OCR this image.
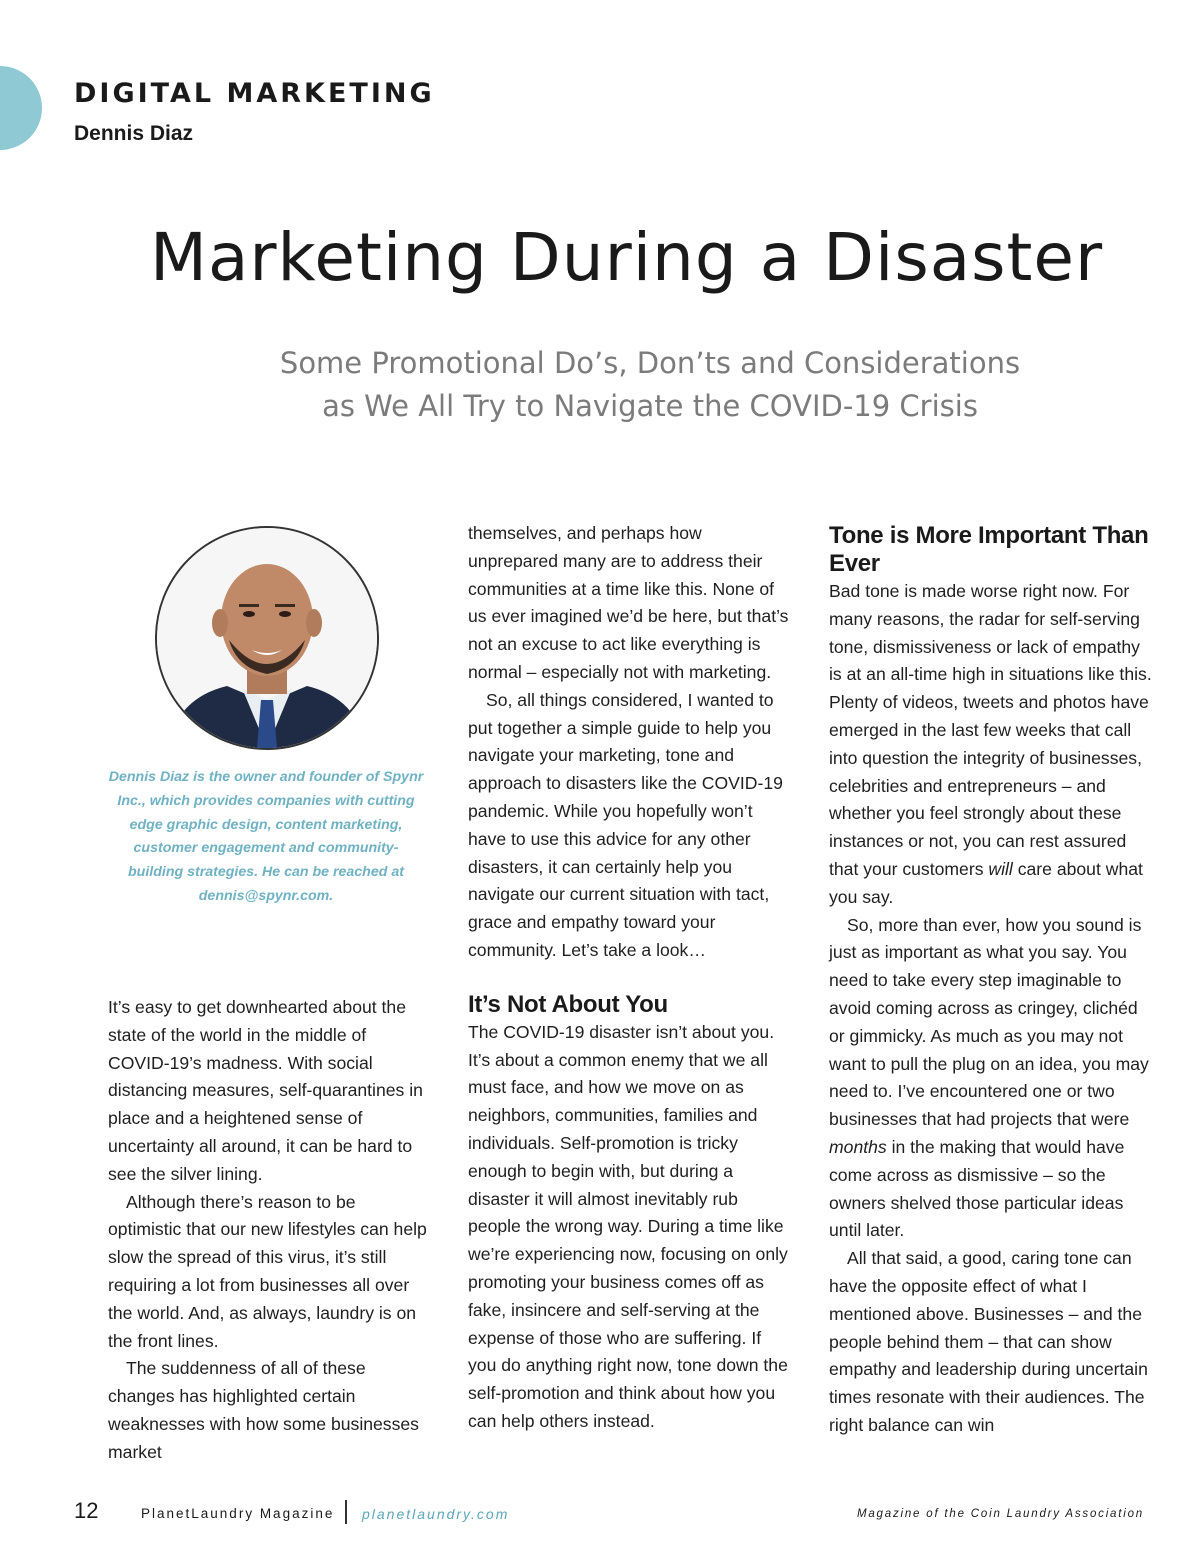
DIGITAL MARKETING
Dennis Diaz
Marketing During a Disaster
Some Promotional Do’s, Don’ts and Considerations
as We All Try to Navigate the COVID-19 Crisis

Dennis Diaz is the owner and founder of Spynr Inc., which provides companies with cutting edge graphic design, content marketing, customer engagement and community-building strategies. He can be reached at dennis@spynr.com.

It’s easy to get downhearted about the state of the world in the middle of COVID-19’s madness. With social distancing measures, self-quarantines in place and a heightened sense of uncertainty all around, it can be hard to see the silver lining.

Although there’s reason to be optimistic that our new lifestyles can help slow the spread of this virus, it’s still requiring a lot from businesses all over the world. And, as always, laundry is on the front lines.

The suddenness of all of these changes has highlighted certain weaknesses with how some businesses market

themselves, and perhaps how unprepared many are to address their communities at a time like this. None of us ever imagined we’d be here, but that’s not an excuse to act like everything is normal – especially not with marketing.

So, all things considered, I wanted to put together a simple guide to help you navigate your marketing, tone and approach to disasters like the COVID-19 pandemic. While you hopefully won’t have to use this advice for any other disasters, it can certainly help you navigate our current situation with tact, grace and empathy toward your community. Let’s take a look…

It’s Not About You

The COVID-19 disaster isn’t about you. It’s about a common enemy that we all must face, and how we move on as neighbors, communities, families and individuals. Self-promotion is tricky enough to begin with, but during a disaster it will almost inevitably rub people the wrong way. During a time like we’re experiencing now, focusing on only promoting your business comes off as fake, insincere and self-serving at the expense of those who are suffering. If you do anything right now, tone down the self-promotion and think about how you can help others instead.

Tone is More Important Than Ever

Bad tone is made worse right now. For many reasons, the radar for self-serving tone, dismissiveness or lack of empathy is at an all-time high in situations like this. Plenty of videos, tweets and photos have emerged in the last few weeks that call into question the integrity of businesses, celebrities and entrepreneurs – and whether you feel strongly about these instances or not, you can rest assured that your customers will care about what you say.

So, more than ever, how you sound is just as important as what you say. You need to take every step imaginable to avoid coming across as cringey, clichéd or gimmicky. As much as you may not want to pull the plug on an idea, you may need to. I’ve encountered one or two businesses that had projects that were months in the making that would have come across as dismissive – so the owners shelved those particular ideas until later.

All that said, a good, caring tone can have the opposite effect of what I mentioned above. Businesses – and the people behind them – that can show empathy and leadership during uncertain times resonate with their audiences. The right balance can win

12	PlanetLaundry Magazine planetlaundry.com	Magazine of the Coin Laundry Association
